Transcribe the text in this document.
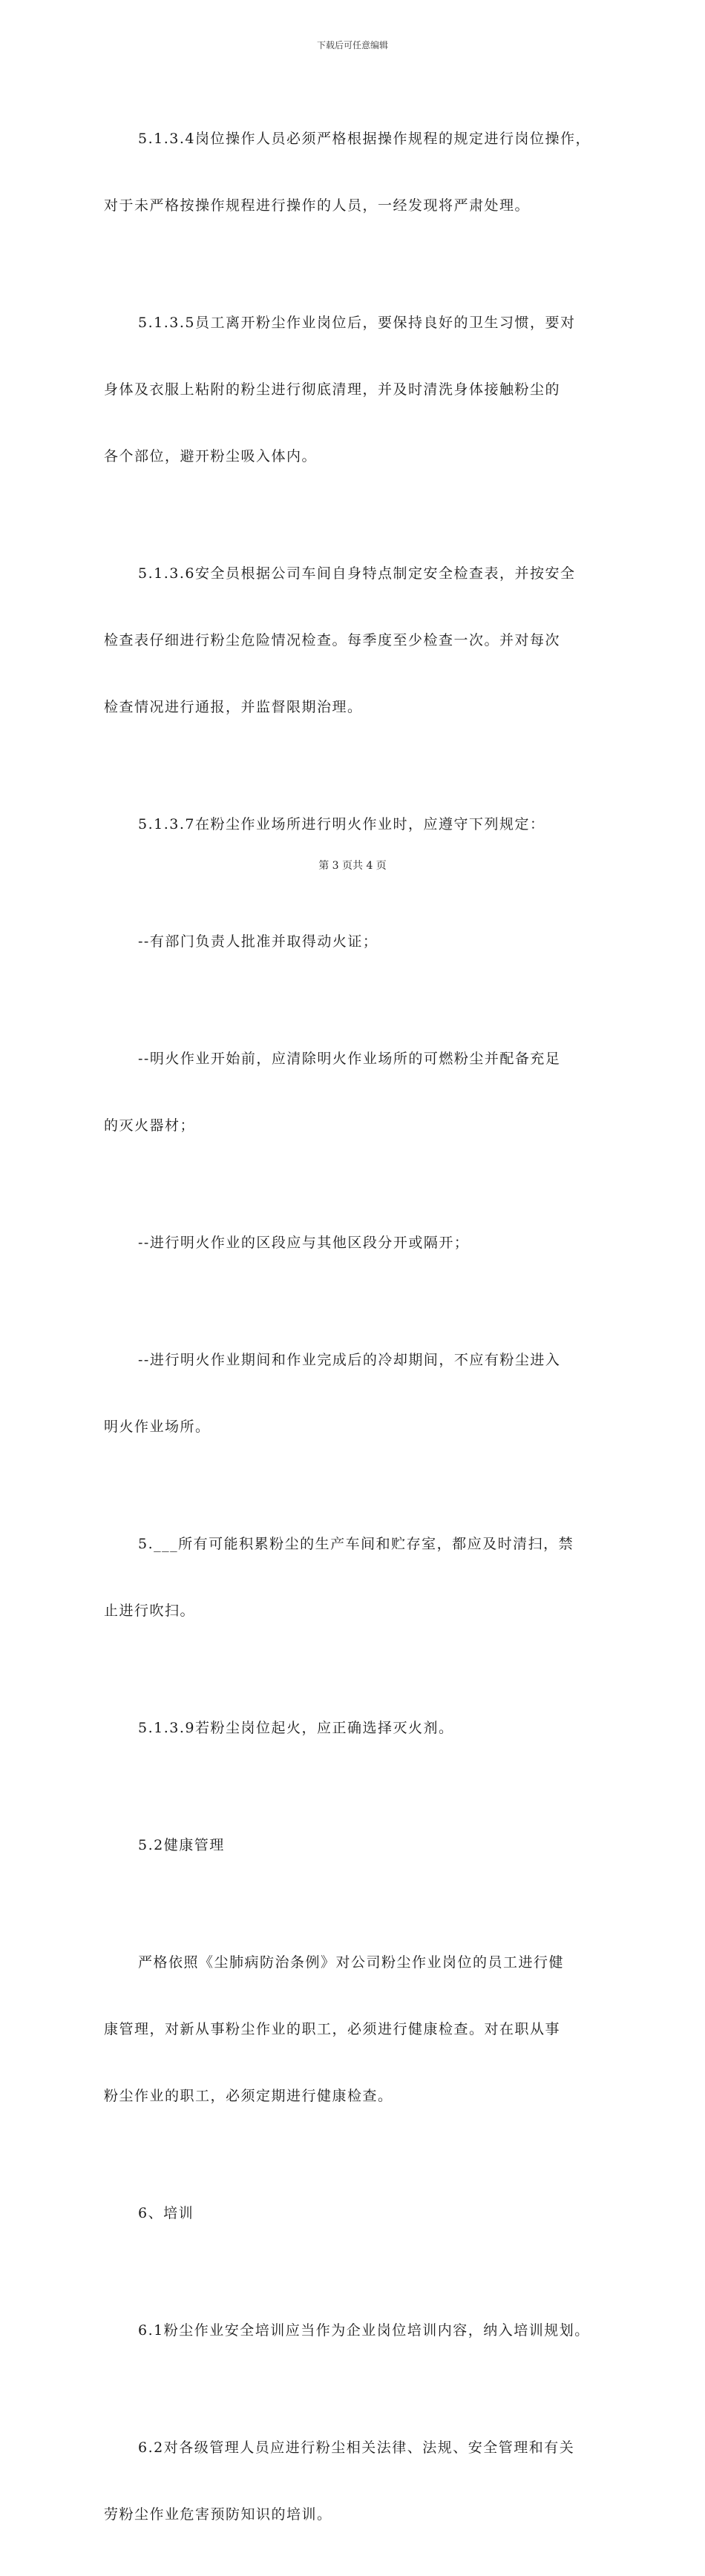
下载后可任意编辑

5.1.3.4岗位操作人员必须严格根据操作规程的规定进行岗位操作，

对于未严格按操作规程进行操作的人员，一经发现将严肃处理。

5.1.3.5员工离开粉尘作业岗位后，要保持良好的卫生习惯，要对

身体及衣服上粘附的粉尘进行彻底清理，并及时清洗身体接触粉尘的

各个部位，避开粉尘吸入体内。

5.1.3.6安全员根据公司车间自身特点制定安全检查表，并按安全

检查表仔细进行粉尘危险情况检查。每季度至少检查一次。并对每次

检查情况进行通报，并监督限期治理。

5.1.3.7在粉尘作业场所进行明火作业时，应遵守下列规定：

--有部门负责人批准并取得动火证；

--明火作业开始前，应清除明火作业场所的可燃粉尘并配备充足

的灭火器材；

--进行明火作业的区段应与其他区段分开或隔开；

--进行明火作业期间和作业完成后的冷却期间，不应有粉尘进入

明火作业场所。

5.___所有可能积累粉尘的生产车间和贮存室，都应及时清扫，禁

止进行吹扫。

5.1.3.9若粉尘岗位起火，应正确选择灭火剂。

5.2健康管理

严格依照《尘肺病防治条例》对公司粉尘作业岗位的员工进行健

康管理，对新从事粉尘作业的职工，必须进行健康检查。对在职从事

粉尘作业的职工，必须定期进行健康检查。

6、培训

6.1粉尘作业安全培训应当作为企业岗位培训内容，纳入培训规划。

6.2对各级管理人员应进行粉尘相关法律、法规、安全管理和有关

劳粉尘作业危害预防知识的培训。

第 3 页共 4 页
